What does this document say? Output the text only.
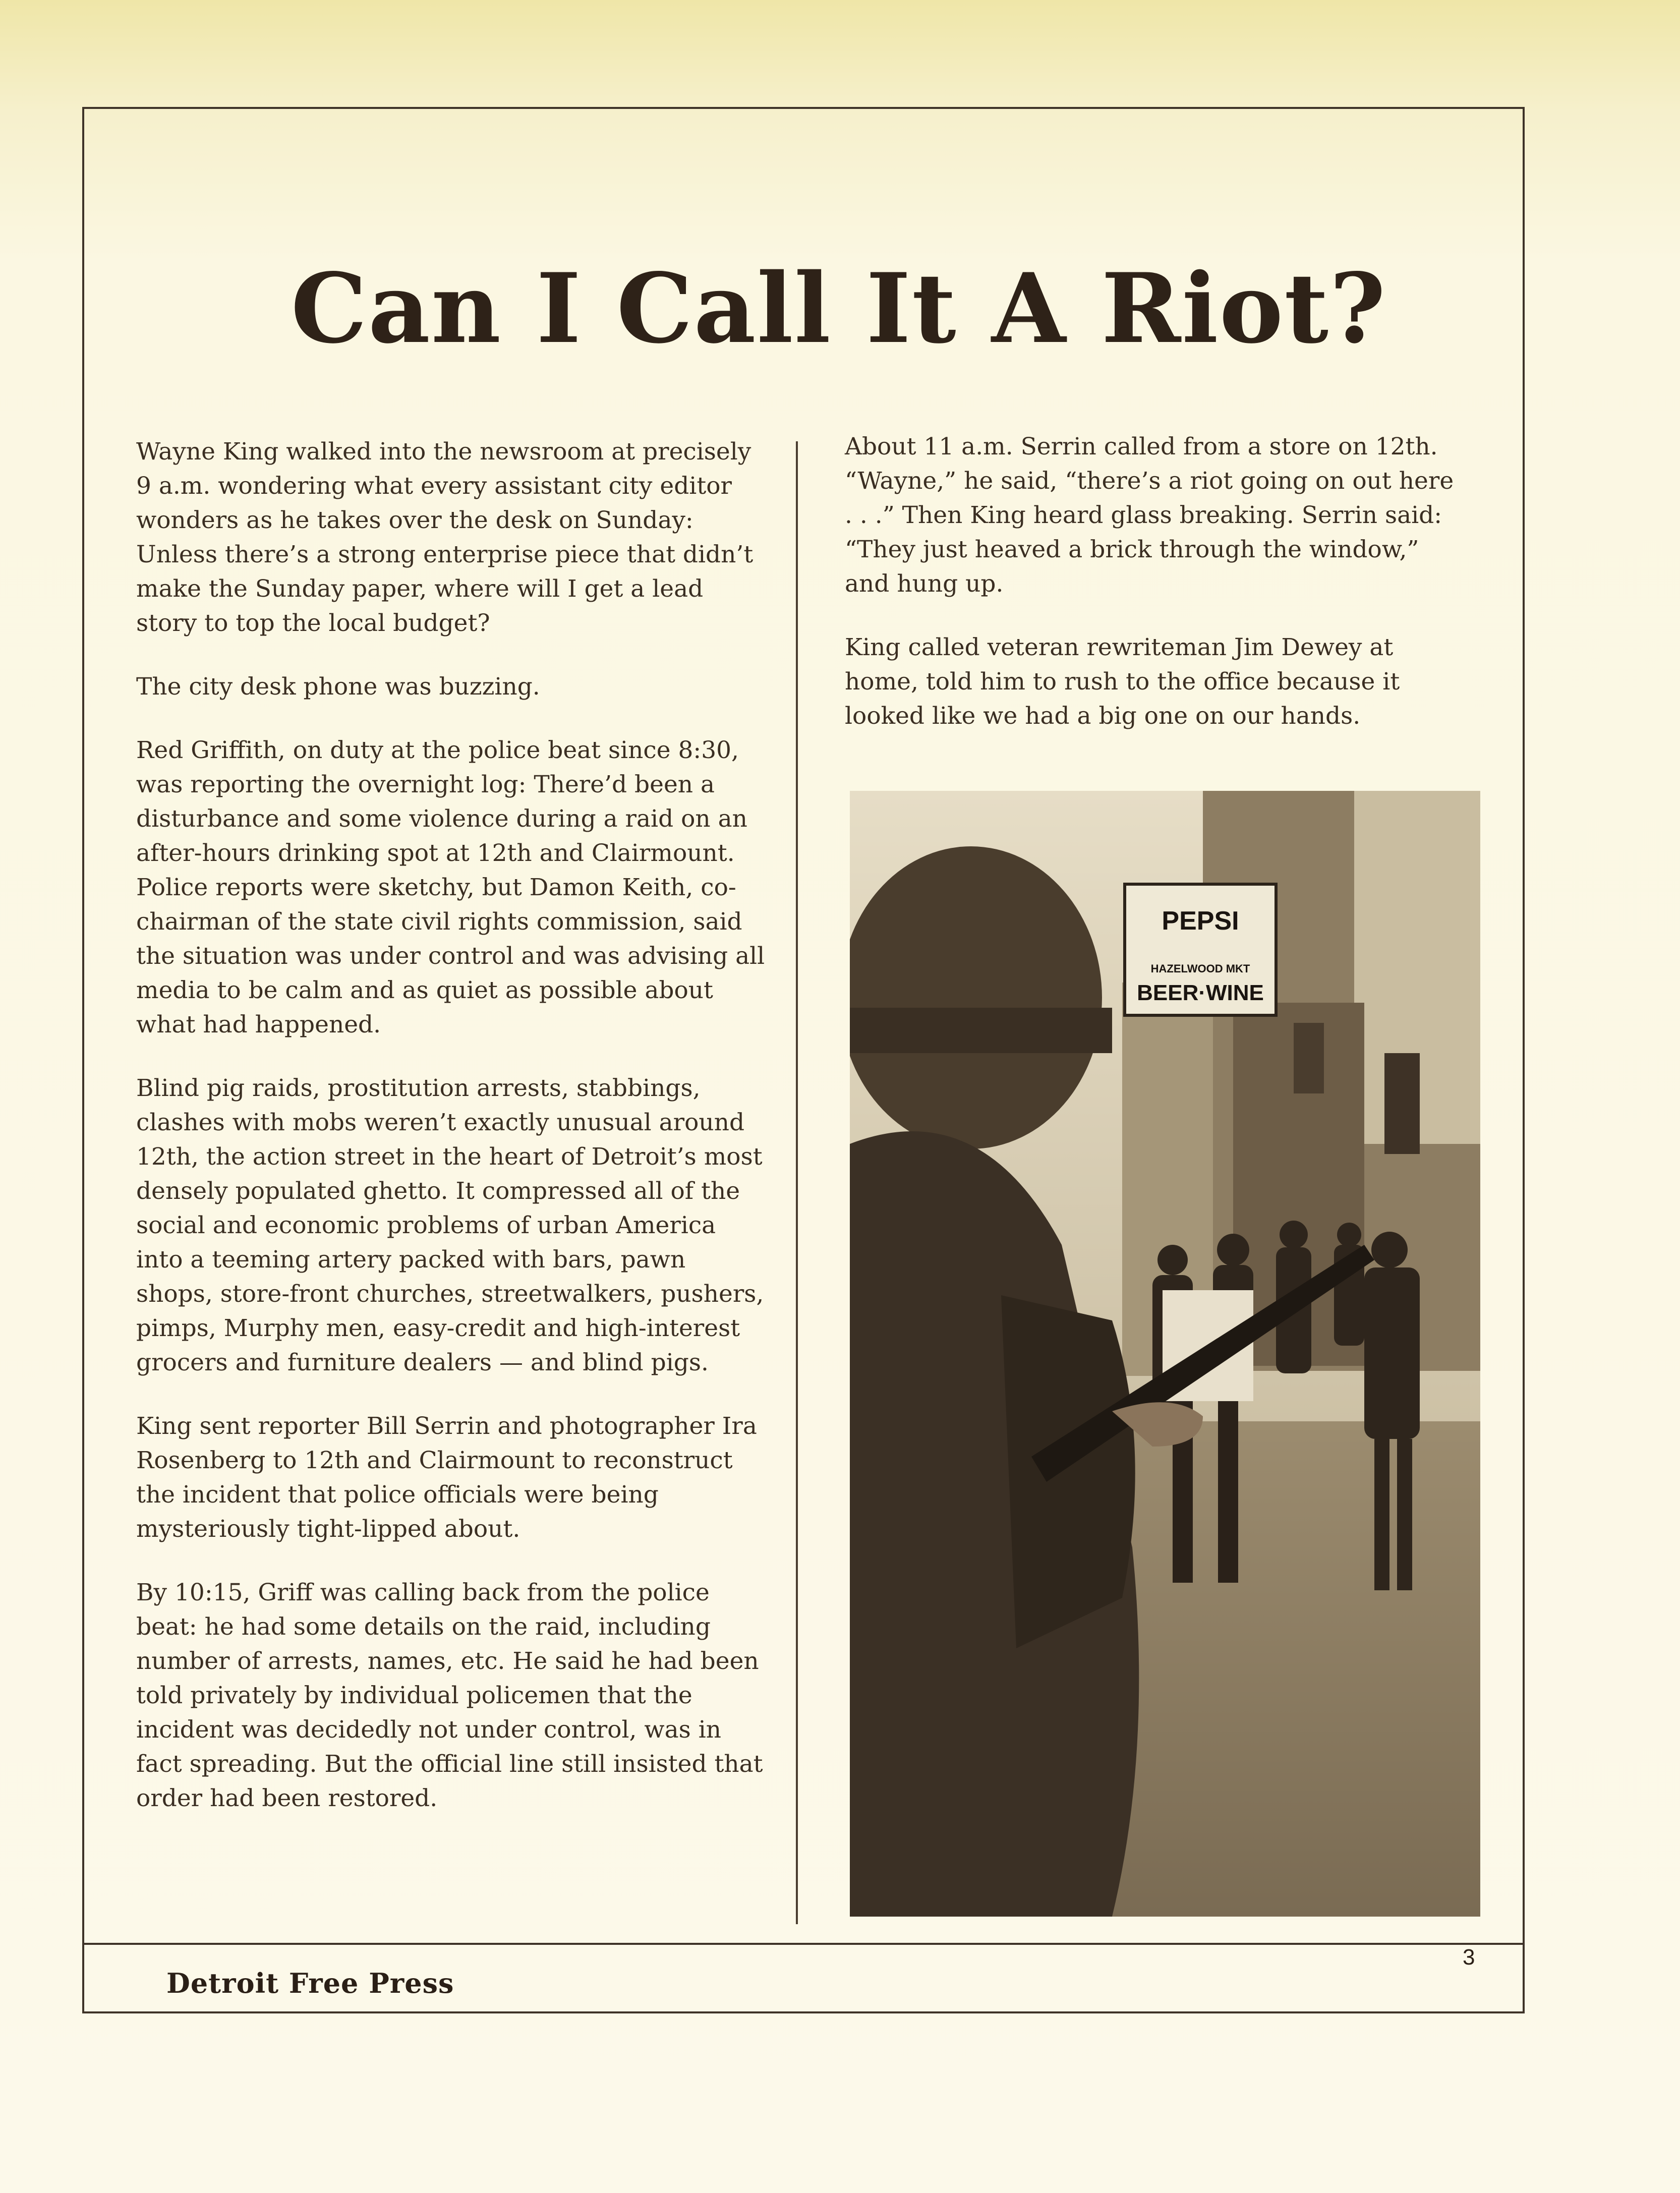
Can I Call It A Riot?

Wayne King walked into the newsroom at precisely 9 a.m. wondering what every assistant city editor wonders as he takes over the desk on Sunday: Unless there’s a strong enterprise piece that didn’t make the Sunday paper, where will I get a lead story to top the local budget?

The city desk phone was buzzing.

Red Griffith, on duty at the police beat since 8:30, was reporting the overnight log: There’d been a disturbance and some violence during a raid on an after-hours drinking spot at 12th and Clairmount. Police reports were sketchy, but Damon Keith, co-chairman of the state civil rights commission, said the situation was under control and was advising all media to be calm and as quiet as possible about what had happened.

Blind pig raids, prostitution arrests, stabbings, clashes with mobs weren’t exactly unusual around 12th, the action street in the heart of Detroit’s most densely populated ghetto. It compressed all of the social and economic problems of urban America into a teeming artery packed with bars, pawn shops, store-front churches, streetwalkers, pushers, pimps, Murphy men, easy-credit and high-interest grocers and furniture dealers — and blind pigs.

King sent reporter Bill Serrin and photographer Ira Rosenberg to 12th and Clairmount to reconstruct the incident that police officials were being mysteriously tight-lipped about.

By 10:15, Griff was calling back from the police beat: he had some details on the raid, including number of arrests, names, etc. He said he had been told privately by individual policemen that the incident was decidedly not under control, was in fact spreading. But the official line still insisted that order had been restored.

About 11 a.m. Serrin called from a store on 12th. “Wayne,” he said, “there’s a riot going on out here . . .” Then King heard glass breaking. Serrin said: “They just heaved a brick through the window,” and hung up.

King called veteran rewriteman Jim Dewey at home, told him to rush to the office because it looked like we had a big one on our hands.

PEPSI
HAZELWOOD MKT
BEER·WINE
Detroit Free Press
3
